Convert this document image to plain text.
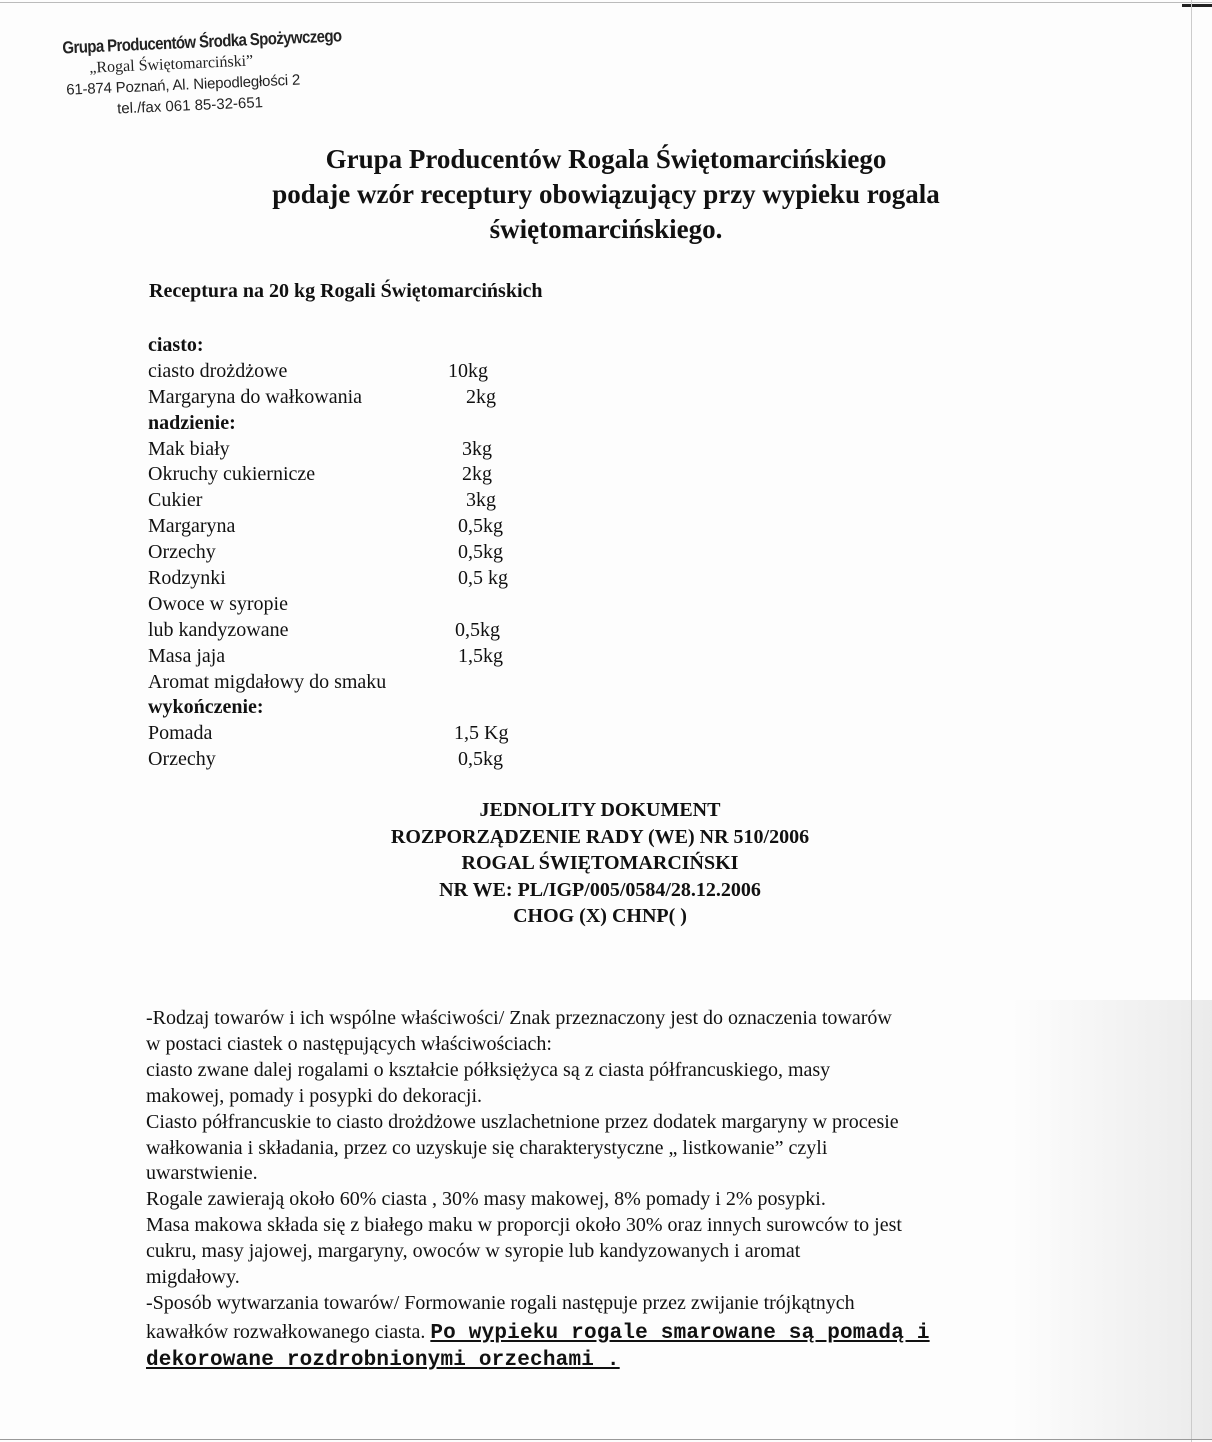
Grupa Producentów Środka Spożywczego
„Rogal Świętomarciński”
61-874 Poznań, Al. Niepodległości 2
tel./fax 061 85-32-651
Grupa Producentów Rogala Świętomarcińskiego
podaje wzór receptury obowiązujący przy wypieku rogala
świętomarcińskiego.
Receptura na 20 kg Rogali Świętomarcińskich
ciasto:
ciasto drożdżowe	10kg
Margaryna do wałkowania	2kg
nadzienie:
Mak biały	3kg
Okruchy cukiernicze	2kg
Cukier	3kg
Margaryna	0,5kg
Orzechy	0,5kg
Rodzynki	0,5 kg
Owoce w syropie
lub kandyzowane	0,5kg
Masa jaja	1,5kg
Aromat migdałowy do smaku
wykończenie:
Pomada	1,5 Kg
Orzechy	0,5kg
JEDNOLITY DOKUMENT
ROZPORZĄDZENIE RADY (WE) NR 510/2006
ROGAL ŚWIĘTOMARCIŃSKI
NR WE: PL/IGP/005/0584/28.12.2006
CHOG (X) CHNP( )
-Rodzaj towarów i ich wspólne właściwości/ Znak przeznaczony jest do oznaczenia towarów
w postaci ciastek o następujących właściwościach:
ciasto zwane dalej rogalami o kształcie półksiężyca są z ciasta półfrancuskiego, masy
makowej, pomady i posypki do dekoracji.
Ciasto półfrancuskie to ciasto drożdżowe uszlachetnione przez dodatek margaryny w procesie
wałkowania i składania, przez co uzyskuje się charakterystyczne „ listkowanie” czyli
uwarstwienie.
Rogale zawierają około 60% ciasta , 30% masy makowej, 8% pomady i 2% posypki.
Masa makowa składa się z białego maku w proporcji około 30% oraz innych surowców to jest
cukru, masy jajowej, margaryny, owoców w syropie lub kandyzowanych i aromat
migdałowy.
-Sposób wytwarzania towarów/ Formowanie rogali następuje przez zwijanie trójkątnych
kawałków rozwałkowanego ciasta. Po wypieku rogale smarowane są pomadą i
dekorowane rozdrobnionymi orzechami .
